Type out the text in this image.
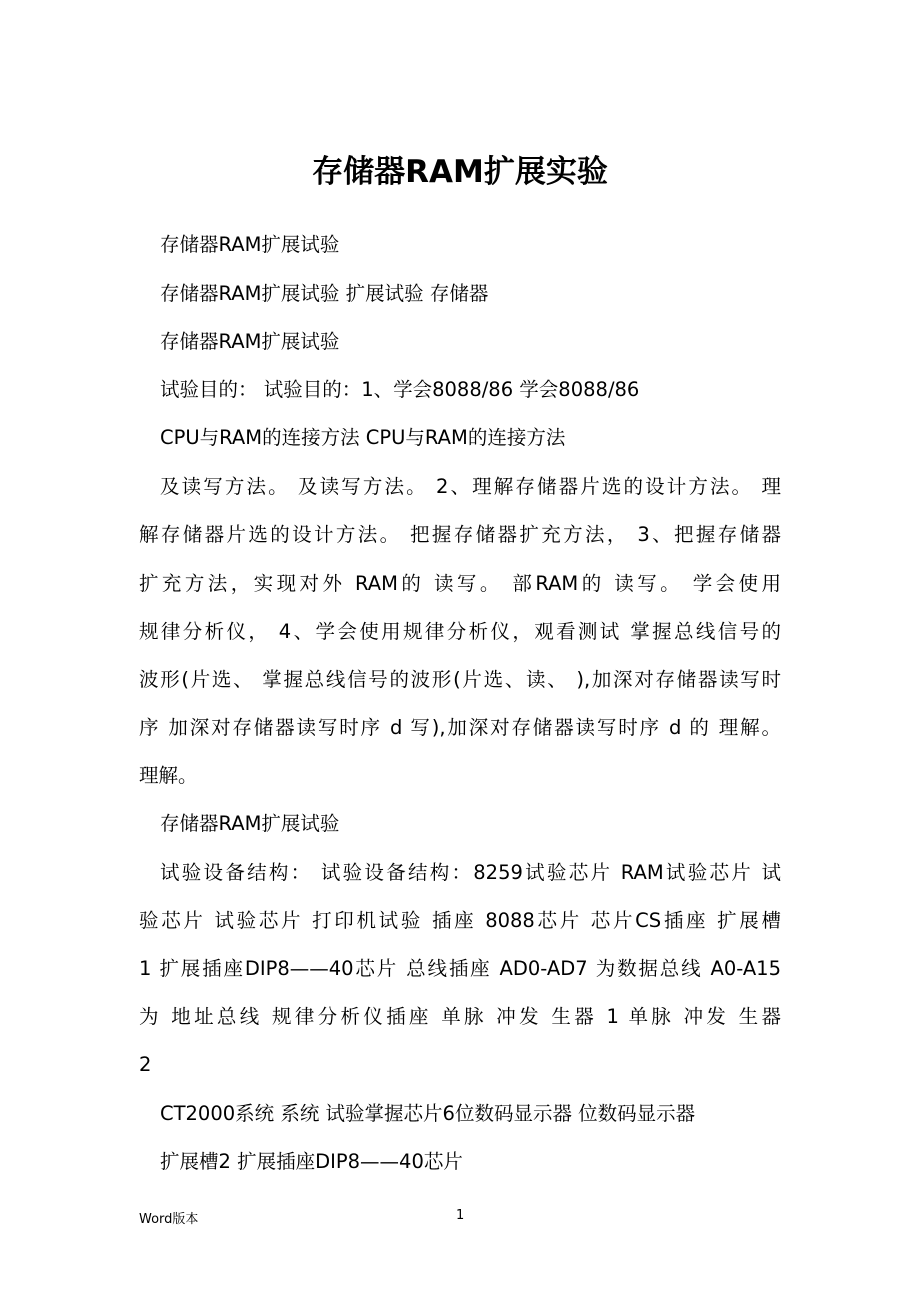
存储器RAM扩展实验
存储器RAM扩展试验
存储器RAM扩展试验 扩展试验 存储器
存储器RAM扩展试验
试验目的： 试验目的：1、学会8088/86 学会8088/86
CPU与RAM的连接方法 CPU与RAM的连接方法
及读写方法。 及读写方法。 2、理解存储器片选的设计方法。 理
解存储器片选的设计方法。 把握存储器扩充方法， 3、把握存储器
扩充方法，实现对外 RAM的 读写。 部RAM的 读写。 学会使用
规律分析仪， 4、学会使用规律分析仪，观看测试 掌握总线信号的
波形(片选、 掌握总线信号的波形(片选、读、 ),加深对存储器读写时
序 加深对存储器读写时序 d 写),加深对存储器读写时序 d 的 理解。
理解。
存储器RAM扩展试验
试验设备结构： 试验设备结构：8259试验芯片 RAM试验芯片 试
验芯片 试验芯片 打印机试验 插座 8088芯片 芯片CS插座 扩展槽
1 扩展插座DIP8——40芯片 总线插座 AD0-AD7 为数据总线 A0-A15
为 地址总线 规律分析仪插座 单脉 冲发 生器 1 单脉 冲发 生器
2
CT2000系统 系统 试验掌握芯片6位数码显示器 位数码显示器
扩展槽2 扩展插座DIP8——40芯片
Word版本	1
